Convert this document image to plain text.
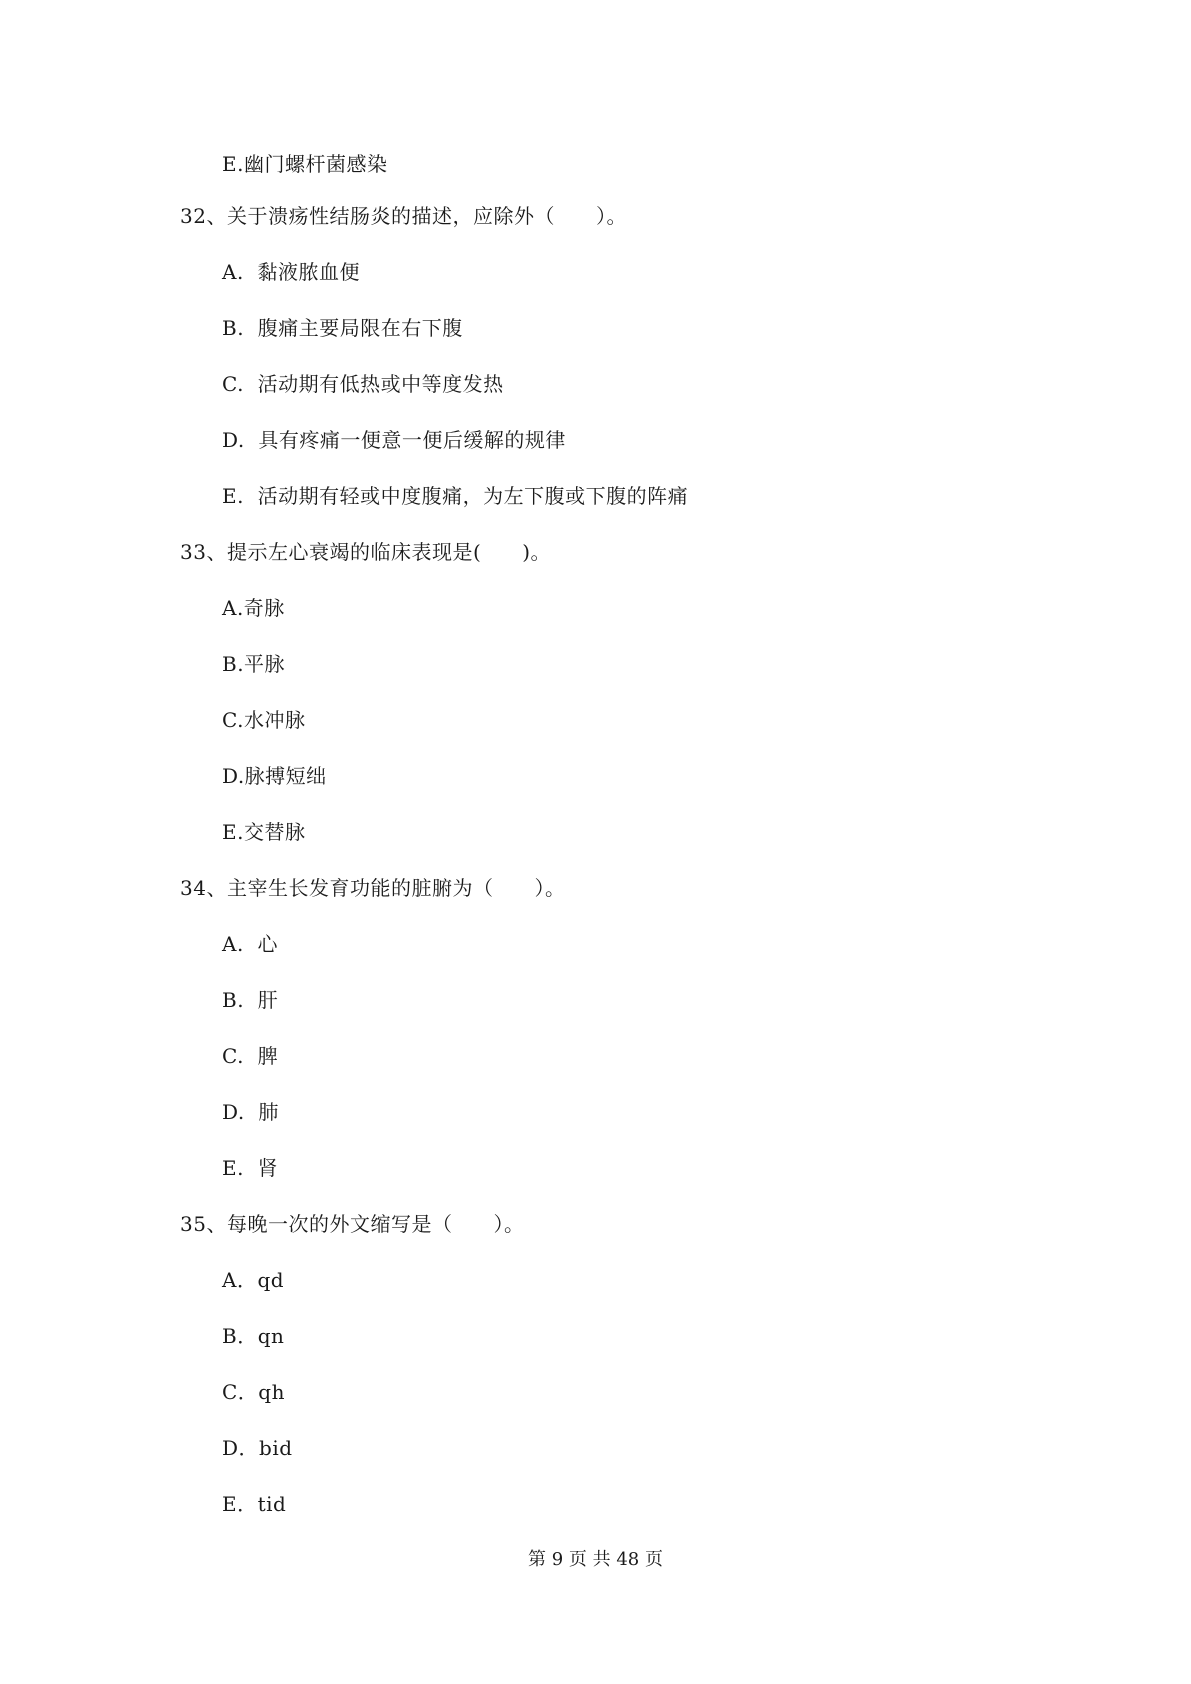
E.幽门螺杆菌感染
32、关于溃疡性结肠炎的描述，应除外（　　）。
A.  黏液脓血便
B.  腹痛主要局限在右下腹
C.  活动期有低热或中等度发热
D.  具有疼痛一便意一便后缓解的规律
E.  活动期有轻或中度腹痛，为左下腹或下腹的阵痛
33、提示左心衰竭的临床表现是(　　)。
A.奇脉
B.平脉
C.水冲脉
D.脉搏短绌
E.交替脉
34、主宰生长发育功能的脏腑为（　　）。
A.  心
B.  肝
C.  脾
D.  肺
E.  肾
35、每晚一次的外文缩写是（　　）。
A．qd
B．qn
C．qh
D．bid
E．tid
第 9 页 共 48 页
